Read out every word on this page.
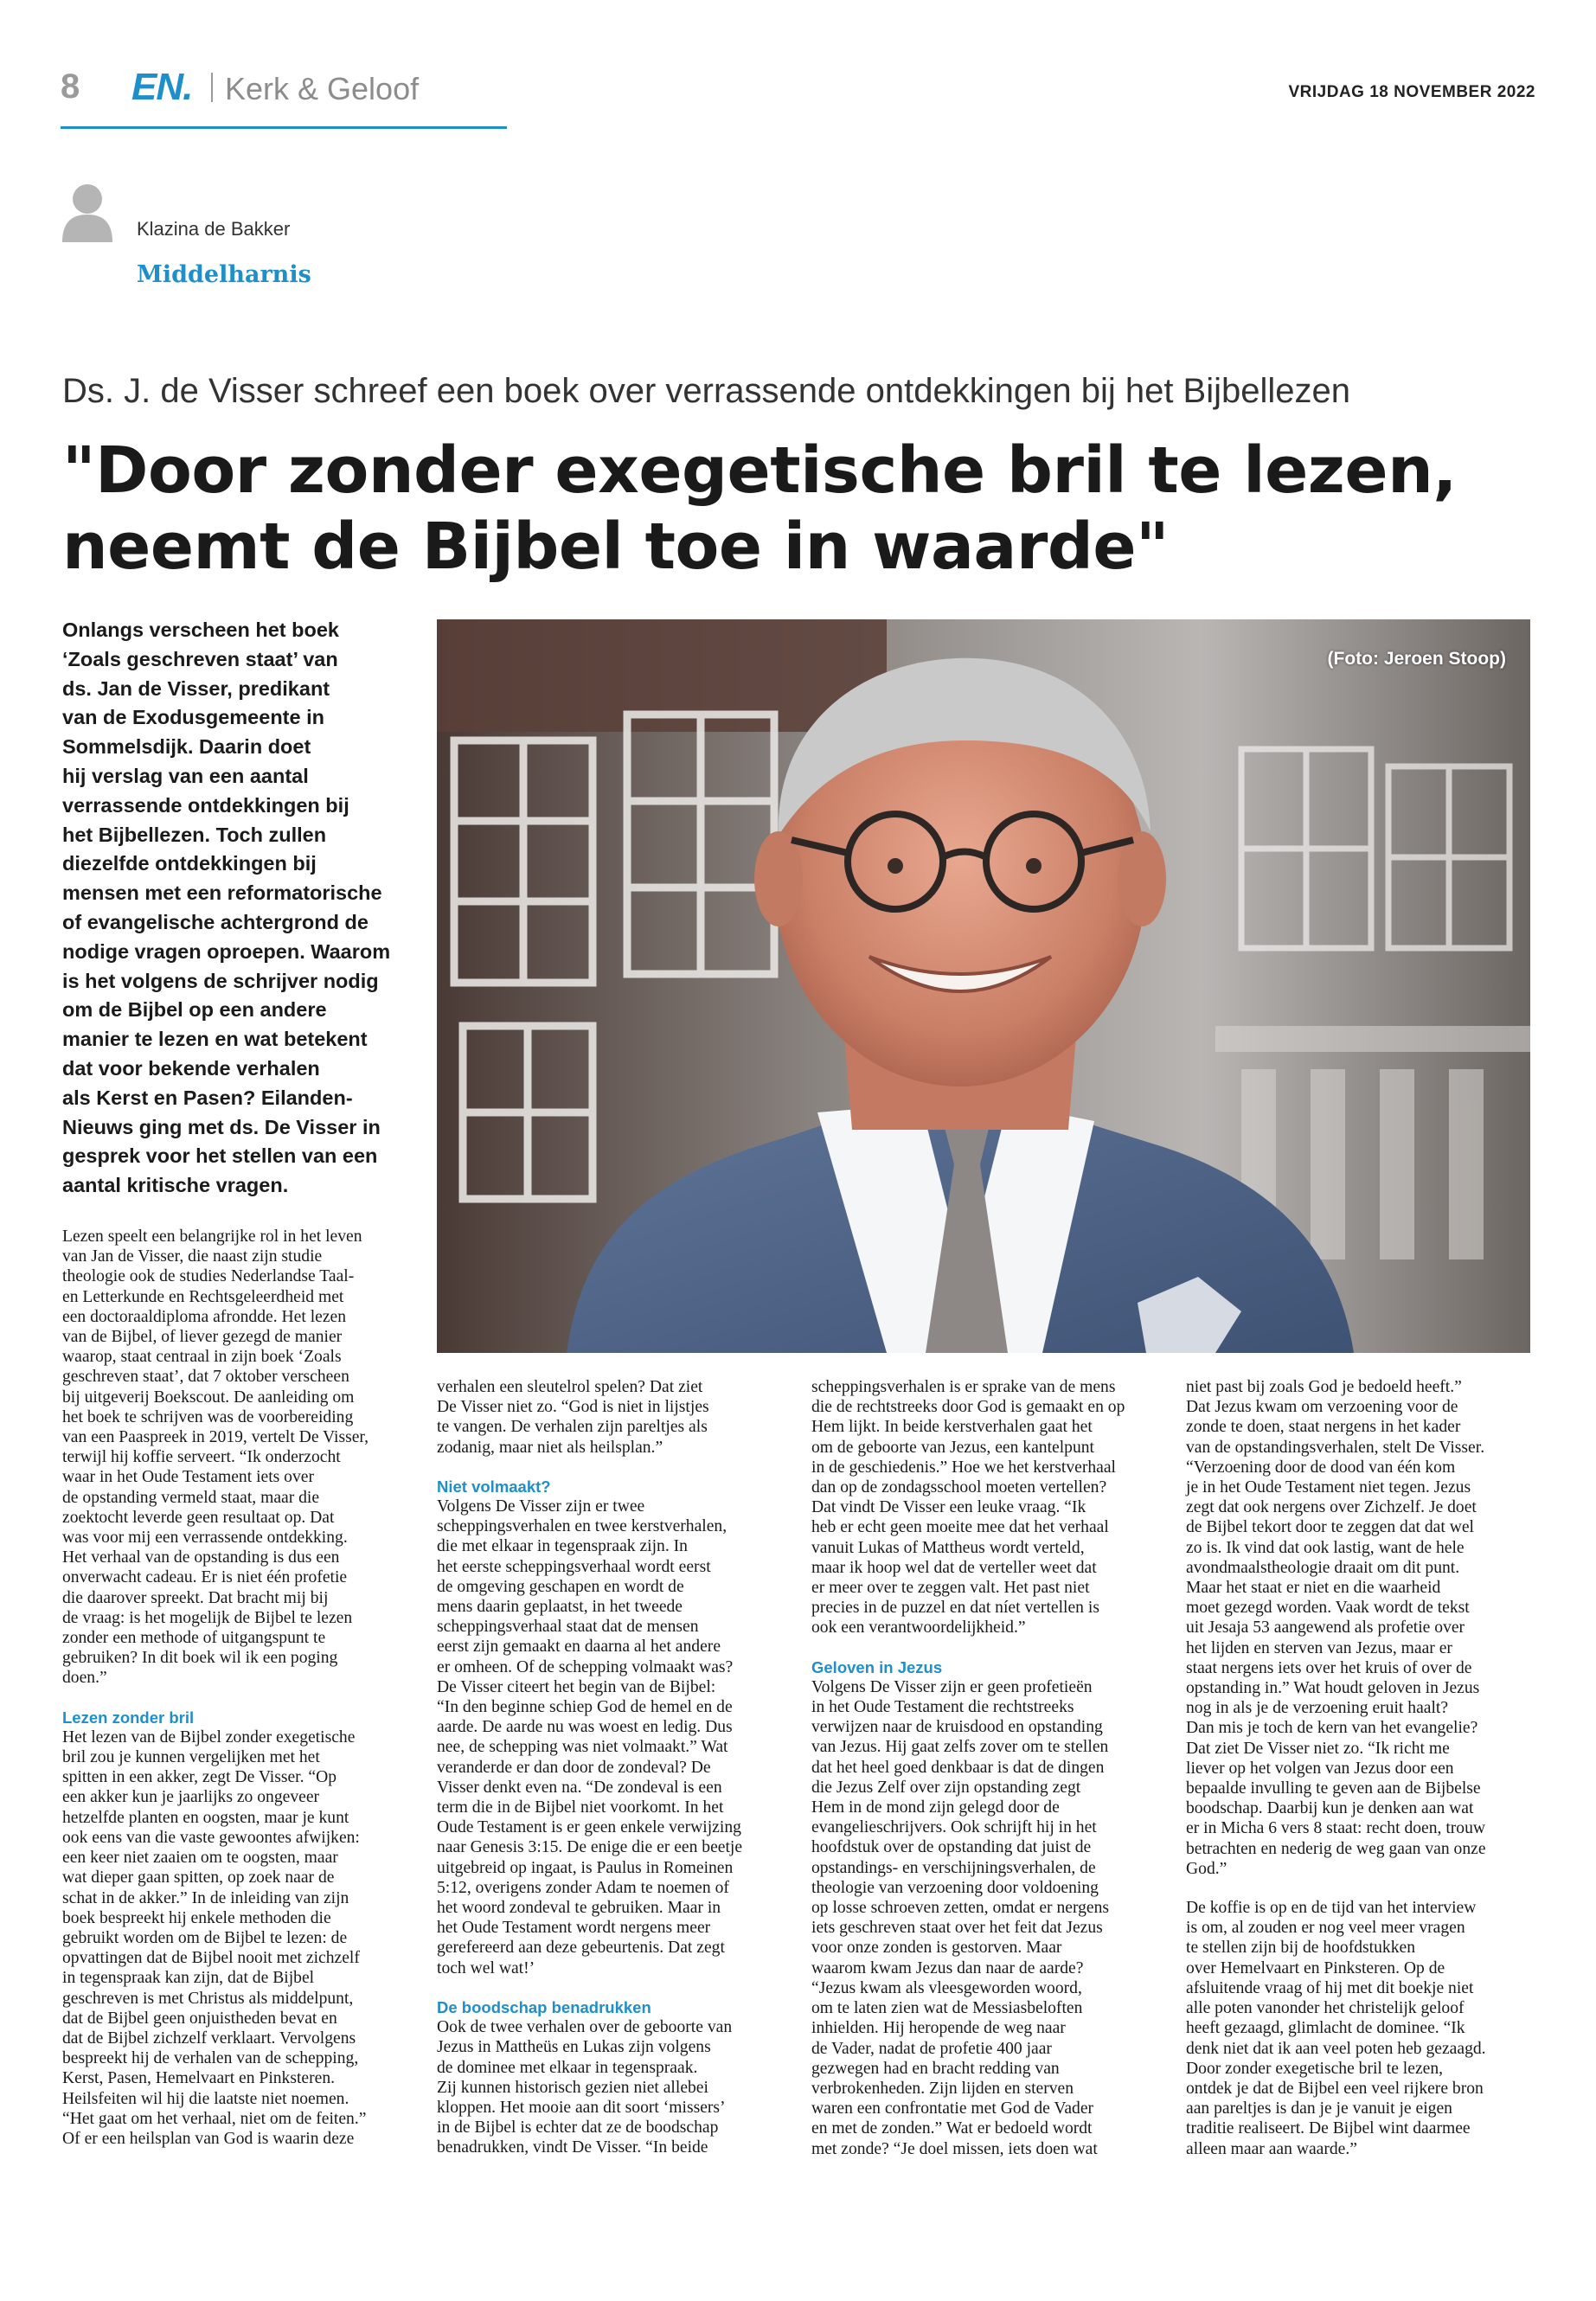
8 EN. Kerk & Geloof	VRIJDAG 18 NOVEMBER 2022
Klazina de Bakker
Middelharnis
Ds. J. de Visser schreef een boek over verrassende ontdekkingen bij het Bijbellezen
"Door zonder exegetische bril te lezen,
neemt de Bijbel toe in waarde"
Onlangs verscheen het boek
‘Zoals geschreven staat’ van
ds. Jan de Visser, predikant
van de Exodusgemeente in
Sommelsdijk. Daarin doet
hij verslag van een aantal
verrassende ontdekkingen bij
het Bijbellezen. Toch zullen
diezelfde ontdekkingen bij
mensen met een reformatorische
of evangelische achtergrond de
nodige vragen oproepen. Waarom
is het volgens de schrijver nodig
om de Bijbel op een andere
manier te lezen en wat betekent
dat voor bekende verhalen
als Kerst en Pasen? Eilanden-
Nieuws ging met ds. De Visser in
gesprek voor het stellen van een
aantal kritische vragen.
(Foto: Jeroen Stoop)
Lezen speelt een belangrijke rol in het leven
van Jan de Visser, die naast zijn studie
theologie ook de studies Nederlandse Taal-
en Letterkunde en Rechtsgeleerdheid met
een doctoraaldiploma afrondde. Het lezen
van de Bijbel, of liever gezegd de manier
waarop, staat centraal in zijn boek ‘Zoals
geschreven staat’, dat 7 oktober verscheen
bij uitgeverij Boekscout. De aanleiding om
het boek te schrijven was de voorbereiding
van een Paaspreek in 2019, vertelt De Visser,
terwijl hij koffie serveert. “Ik onderzocht
waar in het Oude Testament iets over
de opstanding vermeld staat, maar die
zoektocht leverde geen resultaat op. Dat
was voor mij een verrassende ontdekking.
Het verhaal van de opstanding is dus een
onverwacht cadeau. Er is niet één profetie
die daarover spreekt. Dat bracht mij bij
de vraag: is het mogelijk de Bijbel te lezen
zonder een methode of uitgangspunt te
gebruiken? In dit boek wil ik een poging
doen.”
Lezen zonder bril
Het lezen van de Bijbel zonder exegetische
bril zou je kunnen vergelijken met het
spitten in een akker, zegt De Visser. “Op
een akker kun je jaarlijks zo ongeveer
hetzelfde planten en oogsten, maar je kunt
ook eens van die vaste gewoontes afwijken:
een keer niet zaaien om te oogsten, maar
wat dieper gaan spitten, op zoek naar de
schat in de akker.” In de inleiding van zijn
boek bespreekt hij enkele methoden die
gebruikt worden om de Bijbel te lezen: de
opvattingen dat de Bijbel nooit met zichzelf
in tegenspraak kan zijn, dat de Bijbel
geschreven is met Christus als middelpunt,
dat de Bijbel geen onjuistheden bevat en
dat de Bijbel zichzelf verklaart. Vervolgens
bespreekt hij de verhalen van de schepping,
Kerst, Pasen, Hemelvaart en Pinksteren.
Heilsfeiten wil hij die laatste niet noemen.
“Het gaat om het verhaal, niet om de feiten.”
Of er een heilsplan van God is waarin deze
verhalen een sleutelrol spelen? Dat ziet
De Visser niet zo. “God is niet in lijstjes
te vangen. De verhalen zijn pareltjes als
zodanig, maar niet als heilsplan.”
Niet volmaakt?
Volgens De Visser zijn er twee
scheppingsverhalen en twee kerstverhalen,
die met elkaar in tegenspraak zijn. In
het eerste scheppingsverhaal wordt eerst
de omgeving geschapen en wordt de
mens daarin geplaatst, in het tweede
scheppingsverhaal staat dat de mensen
eerst zijn gemaakt en daarna al het andere
er omheen. Of de schepping volmaakt was?
De Visser citeert het begin van de Bijbel:
“In den beginne schiep God de hemel en de
aarde. De aarde nu was woest en ledig. Dus
nee, de schepping was niet volmaakt.” Wat
veranderde er dan door de zondeval? De
Visser denkt even na. “De zondeval is een
term die in de Bijbel niet voorkomt. In het
Oude Testament is er geen enkele verwijzing
naar Genesis 3:15. De enige die er een beetje
uitgebreid op ingaat, is Paulus in Romeinen
5:12, overigens zonder Adam te noemen of
het woord zondeval te gebruiken. Maar in
het Oude Testament wordt nergens meer
gerefereerd aan deze gebeurtenis. Dat zegt
toch wel wat!’
De boodschap benadrukken
Ook de twee verhalen over de geboorte van
Jezus in Mattheüs en Lukas zijn volgens
de dominee met elkaar in tegenspraak.
Zij kunnen historisch gezien niet allebei
kloppen. Het mooie aan dit soort ‘missers’
in de Bijbel is echter dat ze de boodschap
benadrukken, vindt De Visser. “In beide
scheppingsverhalen is er sprake van de mens
die de rechtstreeks door God is gemaakt en op
Hem lijkt. In beide kerstverhalen gaat het
om de geboorte van Jezus, een kantelpunt
in de geschiedenis.” Hoe we het kerstverhaal
dan op de zondagsschool moeten vertellen?
Dat vindt De Visser een leuke vraag. “Ik
heb er echt geen moeite mee dat het verhaal
vanuit Lukas of Mattheus wordt verteld,
maar ik hoop wel dat de verteller weet dat
er meer over te zeggen valt. Het past niet
precies in de puzzel en dat níet vertellen is
ook een verantwoordelijkheid.”
Geloven in Jezus
Volgens De Visser zijn er geen profetieën
in het Oude Testament die rechtstreeks
verwijzen naar de kruisdood en opstanding
van Jezus. Hij gaat zelfs zover om te stellen
dat het heel goed denkbaar is dat de dingen
die Jezus Zelf over zijn opstanding zegt
Hem in de mond zijn gelegd door de
evangelieschrijvers. Ook schrijft hij in het
hoofdstuk over de opstanding dat juist de
opstandings- en verschijningsverhalen, de
theologie van verzoening door voldoening
op losse schroeven zetten, omdat er nergens
iets geschreven staat over het feit dat Jezus
voor onze zonden is gestorven. Maar
waarom kwam Jezus dan naar de aarde?
“Jezus kwam als vleesgeworden woord,
om te laten zien wat de Messiasbeloften
inhielden. Hij heropende de weg naar
de Vader, nadat de profetie 400 jaar
gezwegen had en bracht redding van
verbrokenheden. Zijn lijden en sterven
waren een confrontatie met God de Vader
en met de zonden.” Wat er bedoeld wordt
met zonde? “Je doel missen, iets doen wat
niet past bij zoals God je bedoeld heeft.”
Dat Jezus kwam om verzoening voor de
zonde te doen, staat nergens in het kader
van de opstandingsverhalen, stelt De Visser.
“Verzoening door de dood van één kom
je in het Oude Testament niet tegen. Jezus
zegt dat ook nergens over Zichzelf. Je doet
de Bijbel tekort door te zeggen dat dat wel
zo is. Ik vind dat ook lastig, want de hele
avondmaalstheologie draait om dit punt.
Maar het staat er niet en die waarheid
moet gezegd worden. Vaak wordt de tekst
uit Jesaja 53 aangewend als profetie over
het lijden en sterven van Jezus, maar er
staat nergens iets over het kruis of over de
opstanding in.” Wat houdt geloven in Jezus
nog in als je de verzoening eruit haalt?
Dan mis je toch de kern van het evangelie?
Dat ziet De Visser niet zo. “Ik richt me
liever op het volgen van Jezus door een
bepaalde invulling te geven aan de Bijbelse
boodschap. Daarbij kun je denken aan wat
er in Micha 6 vers 8 staat: recht doen, trouw
betrachten en nederig de weg gaan van onze
God.”
De koffie is op en de tijd van het interview
is om, al zouden er nog veel meer vragen
te stellen zijn bij de hoofdstukken
over Hemelvaart en Pinksteren. Op de
afsluitende vraag of hij met dit boekje niet
alle poten vanonder het christelijk geloof
heeft gezaagd, glimlacht de dominee. “Ik
denk niet dat ik aan veel poten heb gezaagd.
Door zonder exegetische bril te lezen,
ontdek je dat de Bijbel een veel rijkere bron
aan pareltjes is dan je je vanuit je eigen
traditie realiseert. De Bijbel wint daarmee
alleen maar aan waarde.”
